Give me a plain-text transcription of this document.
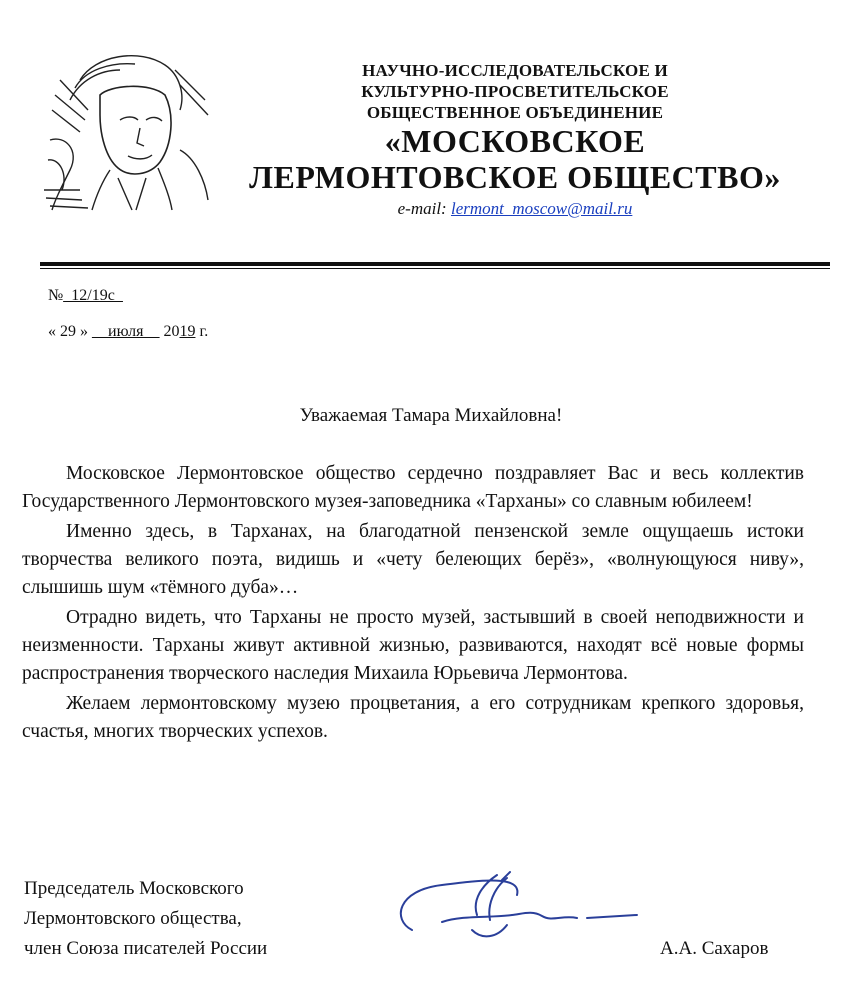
НАУЧНО-ИССЛЕДОВАТЕЛЬСКОЕ И
КУЛЬТУРНО-ПРОСВЕТИТЕЛЬСКОЕ
ОБЩЕСТВЕННОЕ ОБЪЕДИНЕНИЕ
«МОСКОВСКОЕ
ЛЕРМОНТОВСКОЕ ОБЩЕСТВО»
e-mail: lermont_moscow@mail.ru
№_12/19с_
« 29 » __июля__ 2019 г.
Уважаемая Тамара Михайловна!

Московское Лермонтовское общество сердечно поздравляет Вас и весь коллектив Государственного Лермонтовского музея-заповедника «Тарханы» со славным юбилеем!

Именно здесь, в Тарханах, на благодатной пензенской земле ощущаешь истоки творчества великого поэта, видишь и «чету белеющих берёз», «волнующуюся ниву», слышишь шум «тёмного дуба»…

Отрадно видеть, что Тарханы не просто музей, застывший в своей неподвижности и неизменности. Тарханы живут активной жизнью, развиваются, находят всё новые формы распространения творческого наследия Михаила Юрьевича Лермонтова.

Желаем лермонтовскому музею процветания, а его сотрудникам крепкого здоровья, счастья, многих творческих успехов.

Председатель Московского
Лермонтовского общества,
член Союза писателей России	А.А. Сахаров
